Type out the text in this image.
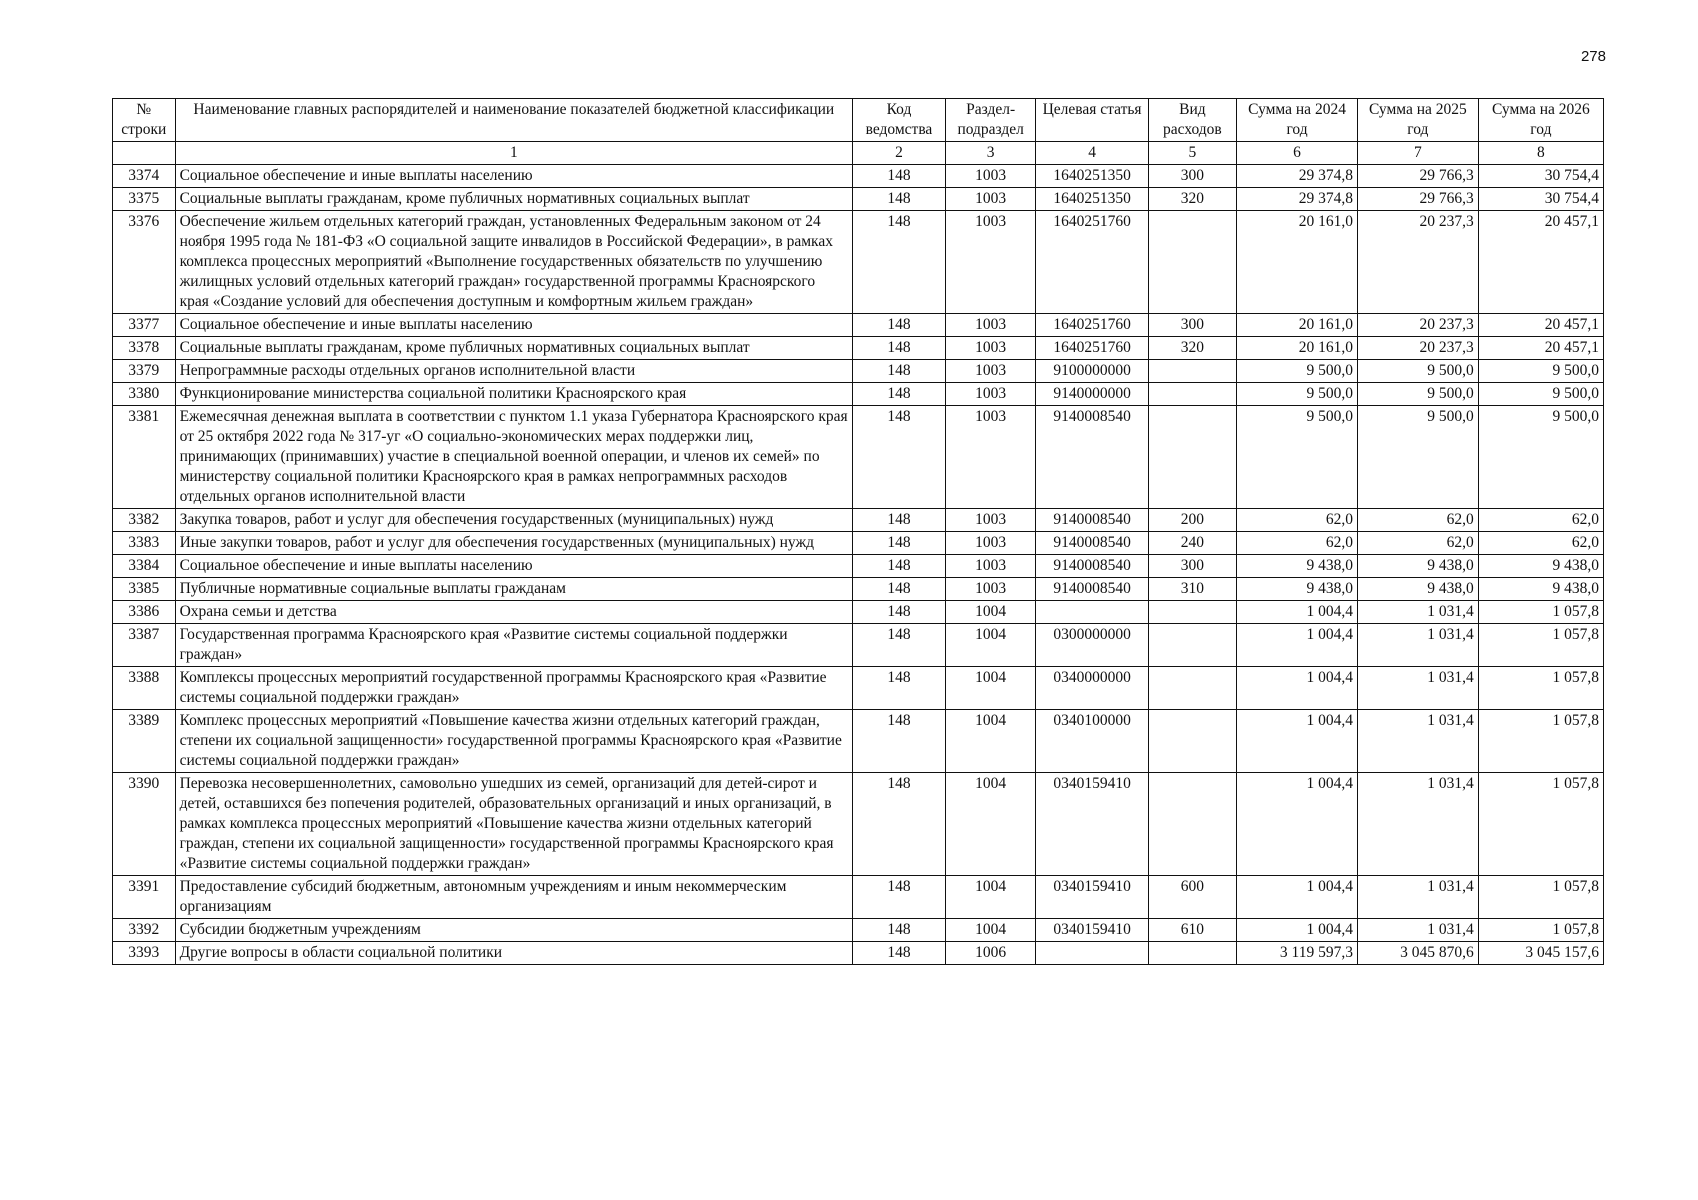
278
№ строки	Наименование главных распорядителей и наименование показателей бюджетной классификации	Код ведомства	Раздел-подраздел	Целевая статья	Вид расходов	Сумма на 2024 год	Сумма на 2025 год	Сумма на 2026 год
	1	2	3	4	5	6	7	8
3374	Социальное обеспечение и иные выплаты населению	148	1003	1640251350	300	29 374,8	29 766,3	30 754,4
3375	Социальные выплаты гражданам, кроме публичных нормативных социальных выплат	148	1003	1640251350	320	29 374,8	29 766,3	30 754,4
3376	Обеспечение жильем отдельных категорий граждан, установленных Федеральным законом от 24 ноября 1995 года № 181-ФЗ «О социальной защите инвалидов в Российской Федерации», в рамках комплекса процессных мероприятий «Выполнение государственных обязательств по улучшению жилищных условий отдельных категорий граждан» государственной программы Красноярского края «Создание условий для обеспечения доступным и комфортным жильем граждан»	148	1003	1640251760		20 161,0	20 237,3	20 457,1
3377	Социальное обеспечение и иные выплаты населению	148	1003	1640251760	300	20 161,0	20 237,3	20 457,1
3378	Социальные выплаты гражданам, кроме публичных нормативных социальных выплат	148	1003	1640251760	320	20 161,0	20 237,3	20 457,1
3379	Непрограммные расходы отдельных органов исполнительной власти	148	1003	9100000000		9 500,0	9 500,0	9 500,0
3380	Функционирование министерства социальной политики Красноярского края	148	1003	9140000000		9 500,0	9 500,0	9 500,0
3381	Ежемесячная денежная выплата в соответствии с пунктом 1.1 указа Губернатора Красноярского края от 25 октября 2022 года № 317-уг «О социально-экономических мерах поддержки лиц, принимающих (принимавших) участие в специальной военной операции, и членов их семей» по министерству социальной политики Красноярского края в рамках непрограммных расходов отдельных органов исполнительной власти	148	1003	9140008540		9 500,0	9 500,0	9 500,0
3382	Закупка товаров, работ и услуг для обеспечения государственных (муниципальных) нужд	148	1003	9140008540	200	62,0	62,0	62,0
3383	Иные закупки товаров, работ и услуг для обеспечения государственных (муниципальных) нужд	148	1003	9140008540	240	62,0	62,0	62,0
3384	Социальное обеспечение и иные выплаты населению	148	1003	9140008540	300	9 438,0	9 438,0	9 438,0
3385	Публичные нормативные социальные выплаты гражданам	148	1003	9140008540	310	9 438,0	9 438,0	9 438,0
3386	Охрана семьи и детства	148	1004			1 004,4	1 031,4	1 057,8
3387	Государственная программа Красноярского края «Развитие системы социальной поддержки граждан»	148	1004	0300000000		1 004,4	1 031,4	1 057,8
3388	Комплексы процессных мероприятий государственной программы Красноярского края «Развитие системы социальной поддержки граждан»	148	1004	0340000000		1 004,4	1 031,4	1 057,8
3389	Комплекс процессных мероприятий «Повышение качества жизни отдельных категорий граждан, степени их социальной защищенности» государственной программы Красноярского края «Развитие системы социальной поддержки граждан»	148	1004	0340100000		1 004,4	1 031,4	1 057,8
3390	Перевозка несовершеннолетних, самовольно ушедших из семей, организаций для детей-сирот и детей, оставшихся без попечения родителей, образовательных организаций и иных организаций, в рамках комплекса процессных мероприятий «Повышение качества жизни отдельных категорий граждан, степени их социальной защищенности» государственной программы Красноярского края «Развитие системы социальной поддержки граждан»	148	1004	0340159410		1 004,4	1 031,4	1 057,8
3391	Предоставление субсидий бюджетным, автономным учреждениям и иным некоммерческим организациям	148	1004	0340159410	600	1 004,4	1 031,4	1 057,8
3392	Субсидии бюджетным учреждениям	148	1004	0340159410	610	1 004,4	1 031,4	1 057,8
3393	Другие вопросы в области социальной политики	148	1006			3 119 597,3	3 045 870,6	3 045 157,6
